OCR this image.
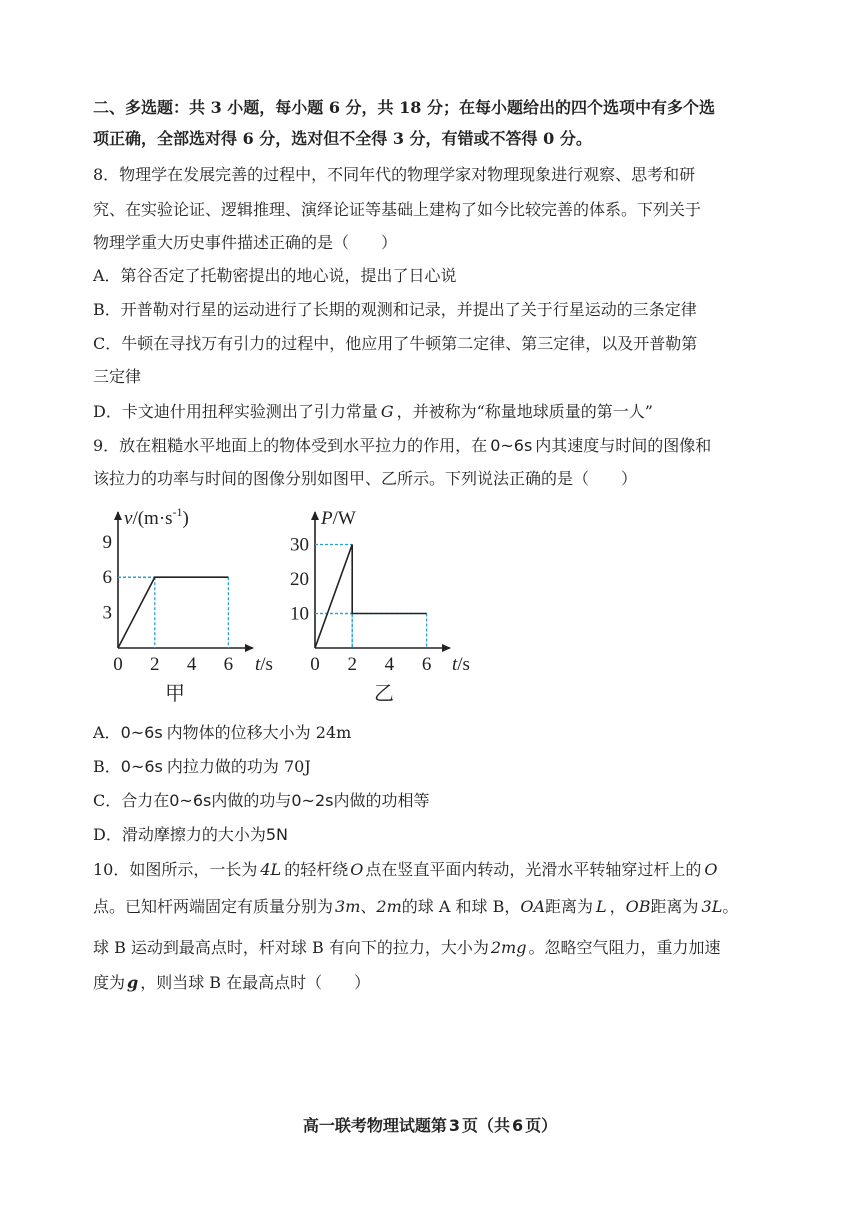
二、多选题：共 3 小题，每小题 6 分，共 18 分；在每小题给出的四个选项中有多个选
项正确，全部选对得 6 分，选对但不全得 3 分，有错或不答得 0 分。
8．物理学在发展完善的过程中，不同年代的物理学家对物理现象进行观察、思考和研
究、在实验论证、逻辑推理、演绎论证等基础上建构了如今比较完善的体系。下列关于
物理学重大历史事件描述正确的是（　　）
A．第谷否定了托勒密提出的地心说，提出了日心说
B．开普勒对行星的运动进行了长期的观测和记录，并提出了关于行星运动的三条定律
C．牛顿在寻找万有引力的过程中，他应用了牛顿第二定律、第三定律，以及开普勒第
三定律
D．卡文迪什用扭秤实验测出了引力常量 G ，并被称为“称量地球质量的第一人”
9．放在粗糙水平地面上的物体受到水平拉力的作用，在 0~6s 内其速度与时间的图像和
该拉力的功率与时间的图像分别如图甲、乙所示。下列说法正确的是（　　）
0 2 4 6
3
6
9
t/s
$v/(m\cdot s^{-1})$
甲
0 2 4 6
10
20
30
t/s
P/W
乙
A．0~6s 内物体的位移大小为 24m
B．0~6s 内拉力做的功为 70J
C．合力在0~6s内做的功与0~2s内做的功相等
D．滑动摩擦力的大小为5N
10．如图所示，一长为 4L 的轻杆绕 O 点在竖直平面内转动，光滑水平转轴穿过杆上的 O
点。已知杆两端固定有质量分别为 3m、2m的球 A 和球 B，OA距离为 L ，OB距离为 3L。
球 B 运动到最高点时，杆对球 B 有向下的拉力，大小为 2mg 。忽略空气阻力，重力加速
度为 g ，则当球 B 在最高点时（　　）
高一联考物理试题第 3 页（共 6 页）
